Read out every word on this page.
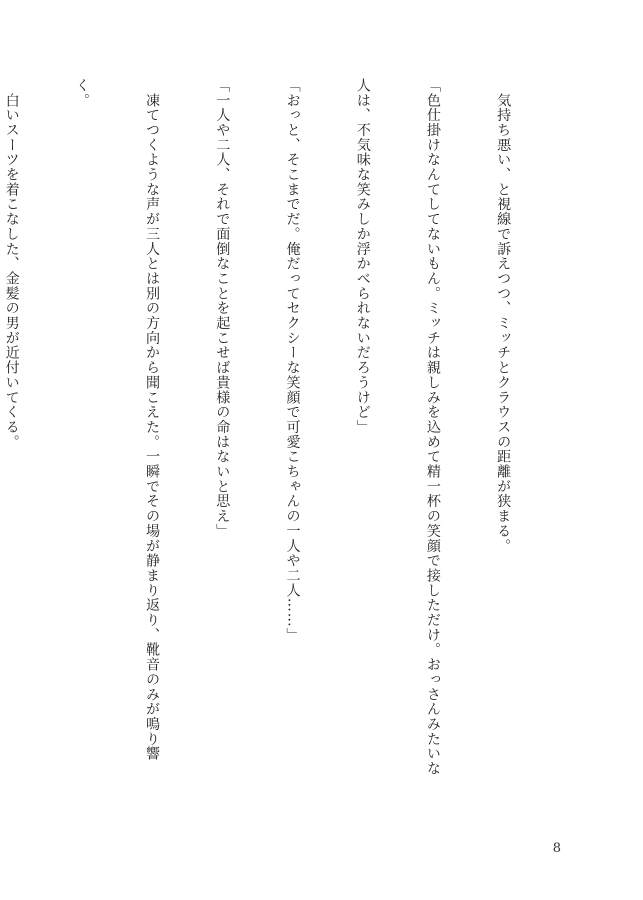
　気持ち悪い、と視線で訴えつつ、ミッチとクラウスの距離が狭まる。

「色仕掛けなんてしてないもん。ミッチは親しみを込めて精一杯の笑顔で接しただけ。おっさんみたいな

人は、不気味な笑みしか浮かべられないだろうけど」

「おっと、そこまでだ。俺だってセクシーな笑顔で可愛こちゃんの一人や二人……」

「一人や二人、それで面倒なことを起こせば貴様の命はないと思え」

　凍てつくような声が三人とは別の方向から聞こえた。一瞬でその場が静まり返り、靴音のみが鳴り響

く。

　白いスーツを着こなした、金髪の男が近付いてくる。

8
